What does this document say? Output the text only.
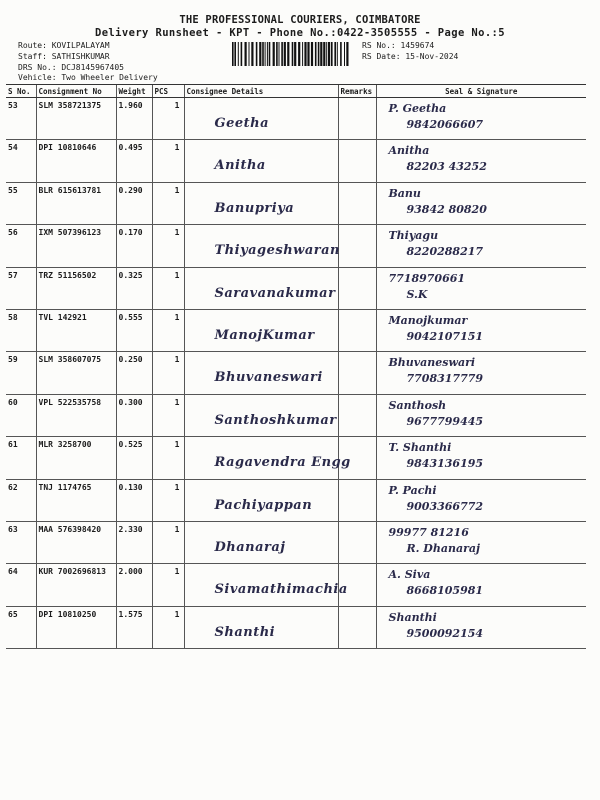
THE PROFESSIONAL COURIERS, COIMBATORE
Delivery Runsheet - KPT - Phone No.:0422-3505555 - Page No.:5
Route: KOVILPALAYAM
Staff: SATHISHKUMAR
DRS No.: DCJ8145967405
Vehicle: Two Wheeler Delivery
RS No.: 1459674
RS Date: 15-Nov-2024
S No.	Consignment No	Weight	PCS	Consignee Details	Remarks	Seal & Signature
53	SLM 358721375	1.960	1	Geetha		P. Geetha
9842066607

54	DPI 10810646	0.495	1	Anitha		Anitha
82203 43252

55	BLR 615613781	0.290	1	Banupriya		Banu
93842 80820

56	IXM 507396123	0.170	1	Thiyageshwaran		Thiyagu
8220288217

57	TRZ 51156502	0.325	1	Saravanakumar		7718970661
S.K

58	TVL 142921	0.555	1	ManojKumar		Manojkumar
9042107151

59	SLM 358607075	0.250	1	Bhuvaneswari		Bhuvaneswari
7708317779

60	VPL 522535758	0.300	1	Santhoshkumar		Santhosh
9677799445

61	MLR 3258700	0.525	1	Ragavendra Engg		T. Shanthi
9843136195

62	TNJ 1174765	0.130	1	Pachiyappan		P. Pachi
9003366772

63	MAA 576398420	2.330	1	Dhanaraj		99977 81216
R. Dhanaraj

64	KUR 7002696813	2.000	1	Sivamathimachia		A. Siva
8668105981

65	DPI 10810250	1.575	1	Shanthi		Shanthi
9500092154
